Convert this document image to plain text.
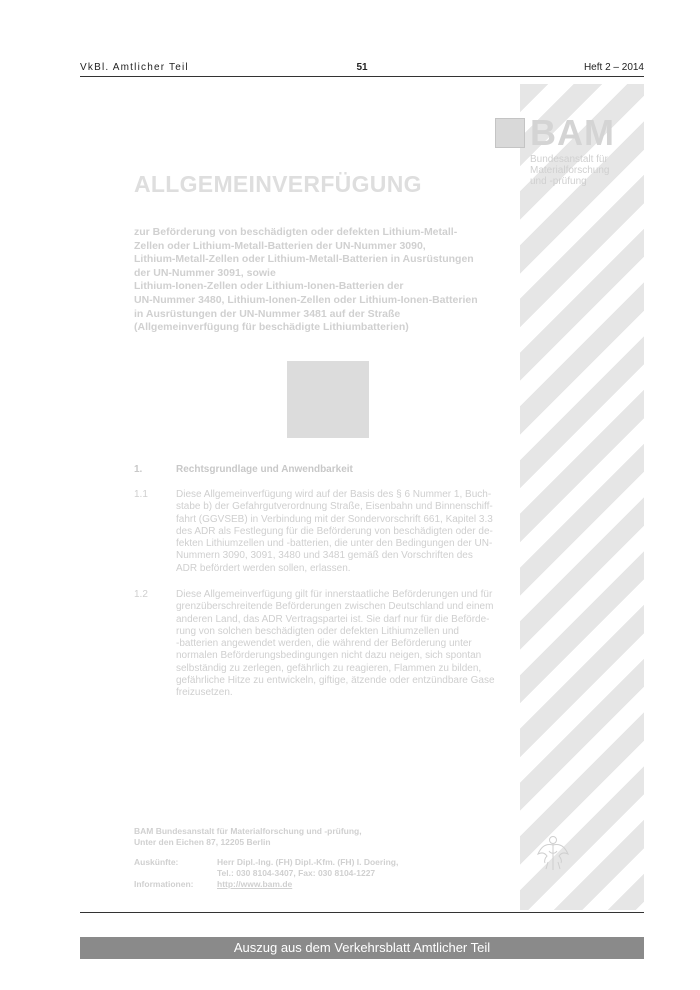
VkBl. Amtlicher Teil	51	Heft 2 – 2014
BAM
Bundesanstalt für
Materialforschung
und -prüfung
ALLGEMEINVERFÜGUNG
zur Beförderung von beschädigten oder defekten Lithium-Metall-
Zellen oder Lithium-Metall-Batterien der UN-Nummer 3090,
Lithium-Metall-Zellen oder Lithium-Metall-Batterien in Ausrüstungen
der UN-Nummer 3091, sowie
Lithium-Ionen-Zellen oder Lithium-Ionen-Batterien der
UN-Nummer 3480, Lithium-Ionen-Zellen oder Lithium-Ionen-Batterien
in Ausrüstungen der UN-Nummer 3481 auf der Straße
(Allgemeinverfügung für beschädigte Lithiumbatterien)
1.	Rechtsgrundlage und Anwendbarkeit
1.1	Diese Allgemeinverfügung wird auf der Basis des § 6 Nummer 1, Buch-
stabe b) der Gefahrgutverordnung Straße, Eisenbahn und Binnenschiff-
fahrt (GGVSEB) in Verbindung mit der Sondervorschrift 661, Kapitel 3.3
des ADR als Festlegung für die Beförderung von beschädigten oder de-
fekten Lithiumzellen und -batterien, die unter den Bedingungen der UN-
Nummern 3090, 3091, 3480 und 3481 gemäß den Vorschriften des
ADR befördert werden sollen, erlassen.
1.2	Diese Allgemeinverfügung gilt für innerstaatliche Beförderungen und für
grenzüberschreitende Beförderungen zwischen Deutschland und einem
anderen Land, das ADR Vertragspartei ist. Sie darf nur für die Beförde-
rung von solchen beschädigten oder defekten Lithiumzellen und
-batterien angewendet werden, die während der Beförderung unter
normalen Beförderungsbedingungen nicht dazu neigen, sich spontan
selbständig zu zerlegen, gefährlich zu reagieren, Flammen zu bilden,
gefährliche Hitze zu entwickeln, giftige, ätzende oder entzündbare Gase
freizusetzen.
BAM Bundesanstalt für Materialforschung und -prüfung,
Unter den Eichen 87, 12205 Berlin
Auskünfte:	Herr Dipl.-Ing. (FH) Dipl.-Kfm. (FH) I. Doering,
Tel.: 030 8104-3407, Fax: 030 8104-1227
Informationen:	http://www.bam.de
Auszug aus dem Verkehrsblatt Amtlicher Teil
